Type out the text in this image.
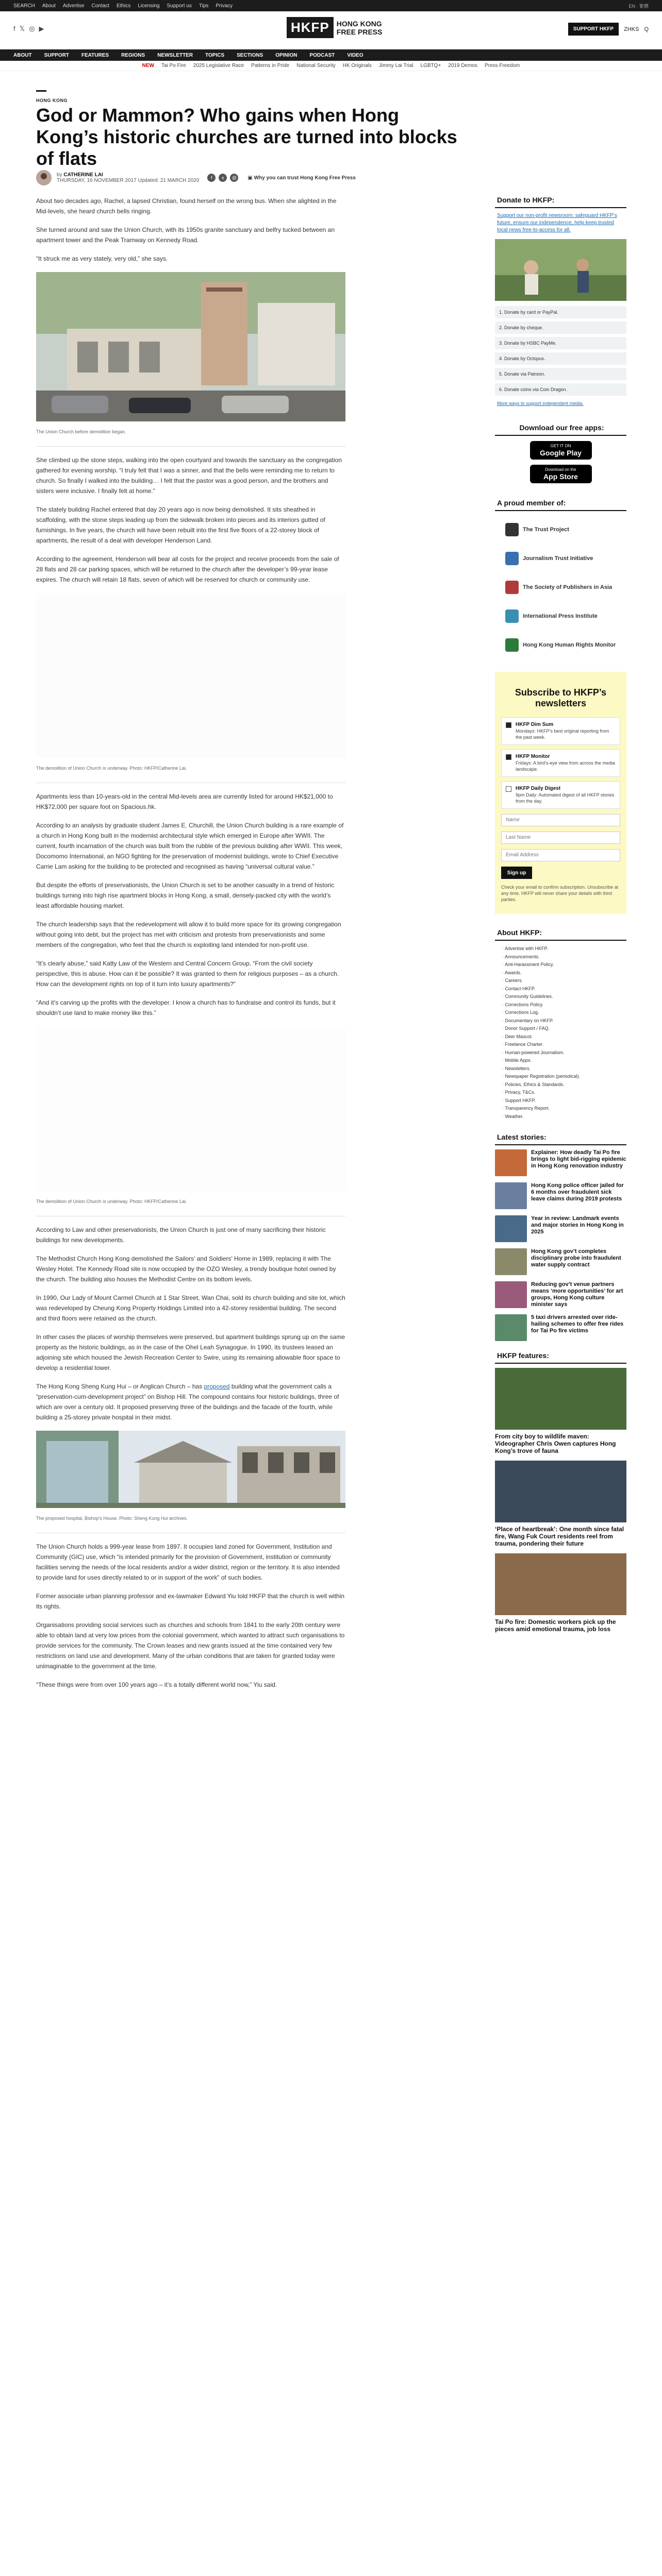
SEARCH About Advertise Contact Ethics Licensing Support us Tips Privacy	EN · 繁體
f 𝕏 ◎ ▶	HKFP	HONG KONG
FREE PRESS	SUPPORT HKFP	ZHKS Q
ABOUT SUPPORT FEATURES REGIONS NEWSLETTER TOPICS SECTIONS OPINION PODCAST VIDEO
NEW Tai Po Fire 2025 Legislative Race Patterns in Pride National Security HK Originals Jimmy Lai Trial LGBTQ+ 2019 Demos Press Freedom
HONG KONG
God or Mammon? Who gains when Hong Kong’s historic churches are turned into blocks of flats
by CATHERINE LAI
THURSDAY, 16 NOVEMBER 2017 Updated: 21 MARCH 2020	f	x	@	▣ Why you can trust Hong Kong Free Press

About two decades ago, Rachel, a lapsed Christian, found herself on the wrong bus. When she alighted in the Mid-levels, she heard church bells ringing.

She turned around and saw the Union Church, with its 1950s granite sanctuary and belfry tucked between an apartment tower and the Peak Tramway on Kennedy Road.

“It struck me as very stately, very old,” she says.

The Union Church before demolition began.

She climbed up the stone steps, walking into the open courtyard and towards the sanctuary as the congregation gathered for evening worship. “I truly felt that I was a sinner, and that the bells were reminding me to return to church. So finally I walked into the building… I felt that the pastor was a good person, and the brothers and sisters were inclusive. I finally felt at home.”

The stately building Rachel entered that day 20 years ago is now being demolished. It sits sheathed in scaffolding, with the stone steps leading up from the sidewalk broken into pieces and its interiors gutted of furnishings. In five years, the church will have been rebuilt into the first five floors of a 22-storey block of apartments, the result of a deal with developer Henderson Land.

According to the agreement, Henderson will bear all costs for the project and receive proceeds from the sale of 28 flats and 28 car parking spaces, which will be returned to the church after the developer’s 99-year lease expires. The church will retain 18 flats, seven of which will be reserved for church or community use.

The demolition of Union Church is underway. Photo: HKFP/Catherine Lai.

Apartments less than 10-years-old in the central Mid-levels area are currently listed for around HK$21,000 to HK$72,000 per square foot on Spacious.hk.

According to an analysis by graduate student James E. Churchill, the Union Church building is a rare example of a church in Hong Kong built in the modernist architectural style which emerged in Europe after WWII. The current, fourth incarnation of the church was built from the rubble of the previous building after WWII. This week, Docomomo International, an NGO fighting for the preservation of modernist buildings, wrote to Chief Executive Carrie Lam asking for the building to be protected and recognised as having “universal cultural value.”

But despite the efforts of preservationists, the Union Church is set to be another casualty in a trend of historic buildings turning into high rise apartment blocks in Hong Kong, a small, densely-packed city with the world’s least affordable housing market.

The church leadership says that the redevelopment will allow it to build more space for its growing congregation without going into debt, but the project has met with criticism and protests from preservationists and some members of the congregation, who feel that the church is exploiting land intended for non-profit use.

“It’s clearly abuse,” said Katty Law of the Western and Central Concern Group. “From the civil society perspective, this is abuse. How can it be possible? It was granted to them for religious purposes – as a church. How can the development rights on top of it turn into luxury apartments?”

“And it’s carving up the profits with the developer. I know a church has to fundraise and control its funds, but it shouldn’t use land to make money like this.”

The demolition of Union Church is underway. Photo: HKFP/Catherine Lai.

According to Law and other preservationists, the Union Church is just one of many sacrificing their historic buildings for new developments.

The Methodist Church Hong Kong demolished the Sailors’ and Soldiers’ Home in 1989, replacing it with The Wesley Hotel. The Kennedy Road site is now occupied by the OZO Wesley, a trendy boutique hotel owned by the church. The building also houses the Methodist Centre on its bottom levels.

In 1990, Our Lady of Mount Carmel Church at 1 Star Street, Wan Chai, sold its church building and site lot, which was redeveloped by Cheung Kong Property Holdings Limited into a 42-storey residential building. The second and third floors were retained as the church.

In other cases the places of worship themselves were preserved, but apartment buildings sprung up on the same property as the historic buildings, as in the case of the Ohel Leah Synagogue. In 1990, its trustees leased an adjoining site which housed the Jewish Recreation Center to Swire, using its remaining allowable floor space to develop a residential tower.

The Hong Kong Sheng Kung Hui – or Anglican Church – has proposed building what the government calls a “preservation-cum-development project” on Bishop Hill. The compound contains four historic buildings, three of which are over a century old. It proposed preserving three of the buildings and the facade of the fourth, while building a 25-storey private hospital in their midst.

The proposed hospital, Bishop’s House. Photo: Sheng Kung Hui archives.

The Union Church holds a 999-year lease from 1897. It occupies land zoned for Government, Institution and Community (GIC) use, which “is intended primarily for the provision of Government, institution or community facilities serving the needs of the local residents and/or a wider district, region or the territory. It is also intended to provide land for uses directly related to or in support of the work” of such bodies.

Former associate urban planning professor and ex-lawmaker Edward Yiu told HKFP that the church is well within its rights.

Organisations providing social services such as churches and schools from 1841 to the early 20th century were able to obtain land at very low prices from the colonial government, which wanted to attract such organisations to provide services for the community. The Crown leases and new grants issued at the time contained very few restrictions on land use and development. Many of the urban conditions that are taken for granted today were unimaginable to the government at the time.

“These things were from over 100 years ago – it’s a totally different world now,” Yiu said.

Donate to HKFP:

Support our non-profit newsroom: safeguard HKFP’s future, ensure our independence, help keep trusted local news free-to-access for all.

1. Donate by card or PayPal.
2. Donate by cheque.
3. Donate by HSBC PayMe.
4. Donate by Octopus.
5. Donate via Patreon.
6. Donate coins via Coin Dragon.
More ways to support independent media.
Download our free apps:
GET IT ON
Google Play
Download on the
App Store
A proud member of:
The Trust Project
Journalism Trust Initiative
The Society of Publishers in Asia
International Press Institute
Hong Kong Human Rights Monitor
Subscribe to HKFP’s newsletters
HKFP Dim Sum
Mondays: HKFP’s best original reporting from the past week.
HKFP Monitor
Fridays: A bird’s-eye view from across the media landscape.
HKFP Daily Digest
9pm Daily: Automated digest of all HKFP stories from the day.
Name
Last Name
Email Address
Sign up
Check your email to confirm subscription. Unsubscribe at any time. HKFP will never share your details with third parties.
About HKFP:
· Advertise with HKFP.
· Announcements.
· Anti-Harassment Policy.
· Awards.
· Careers.
· Contact HKFP.
· Community Guidelines.
· Corrections Policy.
· Corrections Log.
· Documentary on HKFP.
· Donor Support / FAQ.
· Deer Mascot.
· Freelance Charter.
· Human-powered Journalism.
· Mobile Apps.
· Newsletters.
· Newspaper Registration (periodical).
· Policies, Ethics & Standards.
· Privacy, T&Cs.
· Support HKFP.
· Transparency Report.
· Weather.
Latest stories:
Explainer: How deadly Tai Po fire brings to light bid-rigging epidemic in Hong Kong renovation industry
Hong Kong police officer jailed for 6 months over fraudulent sick leave claims during 2019 protests
Year in review: Landmark events and major stories in Hong Kong in 2025
Hong Kong gov’t completes disciplinary probe into fraudulent water supply contract
Reducing gov’t venue partners means ‘more opportunities’ for art groups, Hong Kong culture minister says
5 taxi drivers arrested over ride-hailing schemes to offer free rides for Tai Po fire victims
HKFP features:
From city boy to wildlife maven: Videographer Chris Owen captures Hong Kong’s trove of fauna
‘Place of heartbreak’: One month since fatal fire, Wang Fuk Court residents reel from trauma, pondering their future
Tai Po fire: Domestic workers pick up the pieces amid emotional trauma, job loss
